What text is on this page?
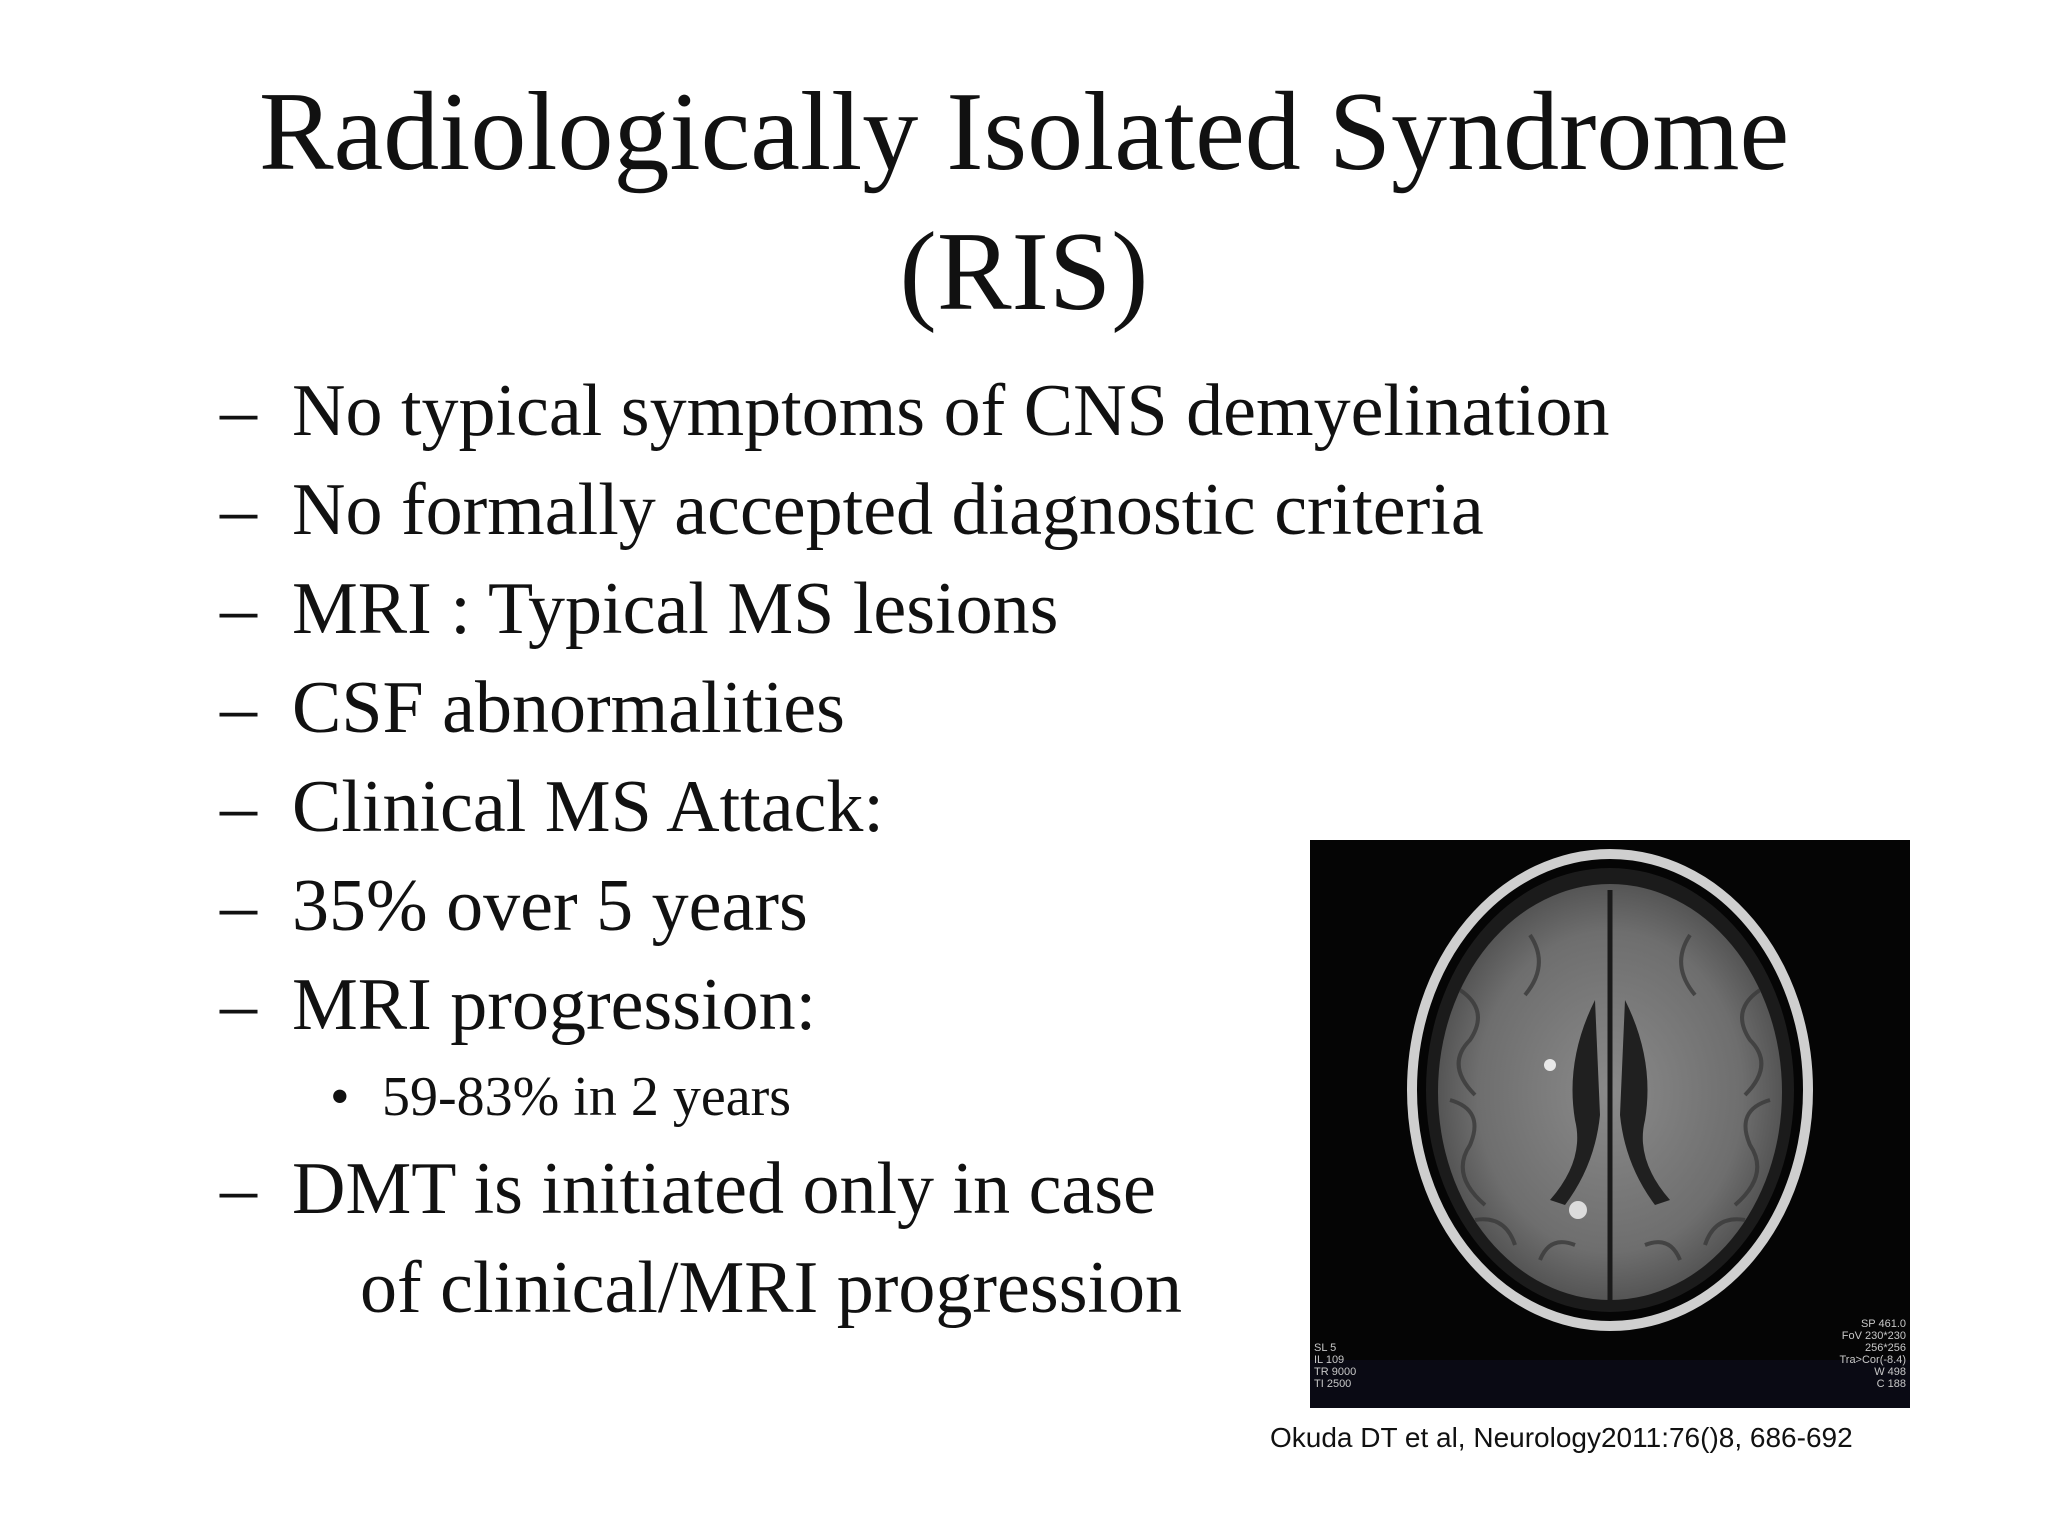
Radiologically Isolated Syndrome
(RIS)
– No typical symptoms of CNS demyelination
– No formally accepted diagnostic criteria
– MRI : Typical MS lesions
– CSF abnormalities
– Clinical MS Attack:
– 35% over 5 years
– MRI progression:
• 59-83% in 2 years
– DMT is initiated only in case
of clinical/MRI progression
SL 5
IL 109
TR 9000
TI 2500
SP 461.0
FoV 230*230
256*256
Tra>Cor(-8.4)
W 498
C 188
Okuda DT et al, Neurology2011:76()8, 686-692
